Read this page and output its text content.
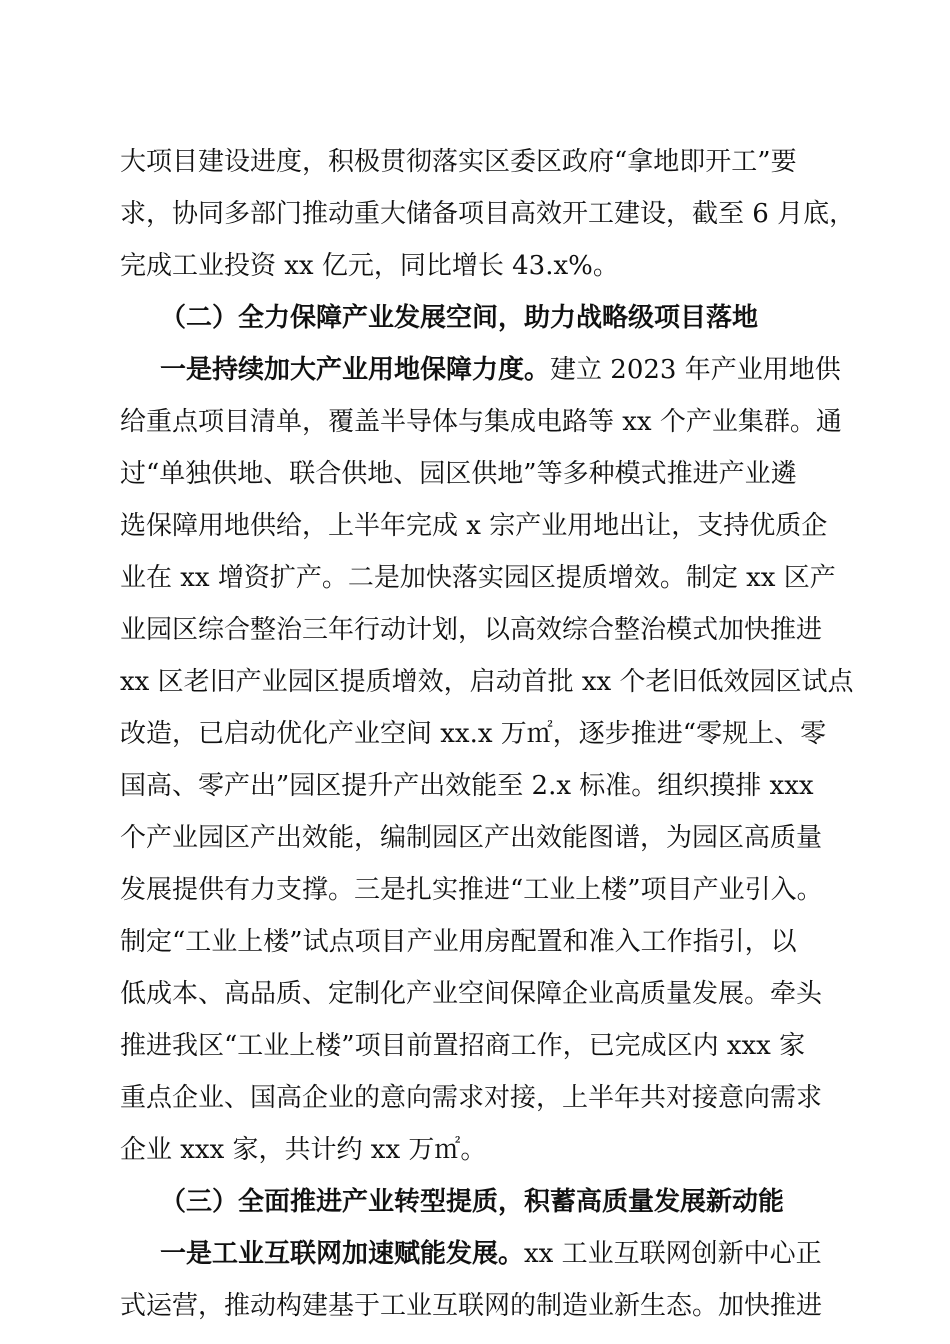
大项目建设进度，积极贯彻落实区委区政府“拿地即开工”要
求，协同多部门推动重大储备项目高效开工建设，截至 6 月底，
完成工业投资 xx 亿元，同比增长 43.x%。
（二）全力保障产业发展空间，助力战略级项目落地
一是持续加大产业用地保障力度。建立 2023 年产业用地供
给重点项目清单，覆盖半导体与集成电路等 xx 个产业集群。通
过“单独供地、联合供地、园区供地”等多种模式推进产业遴
选保障用地供给，上半年完成 x 宗产业用地出让，支持优质企
业在 xx 增资扩产。二是加快落实园区提质增效。制定 xx 区产
业园区综合整治三年行动计划，以高效综合整治模式加快推进
xx 区老旧产业园区提质增效，启动首批 xx 个老旧低效园区试点
改造，已启动优化产业空间 xx.x 万㎡，逐步推进“零规上、零
国高、零产出”园区提升产出效能至 2.x 标准。组织摸排 xxx
个产业园区产出效能，编制园区产出效能图谱，为园区高质量
发展提供有力支撑。三是扎实推进“工业上楼”项目产业引入。
制定“工业上楼”试点项目产业用房配置和准入工作指引，以
低成本、高品质、定制化产业空间保障企业高质量发展。牵头
推进我区“工业上楼”项目前置招商工作，已完成区内 xxx 家
重点企业、国高企业的意向需求对接，上半年共对接意向需求
企业 xxx 家，共计约 xx 万㎡。
（三）全面推进产业转型提质，积蓄高质量发展新动能
一是工业互联网加速赋能发展。xx 工业互联网创新中心正
式运营，推动构建基于工业互联网的制造业新生态。加快推进
